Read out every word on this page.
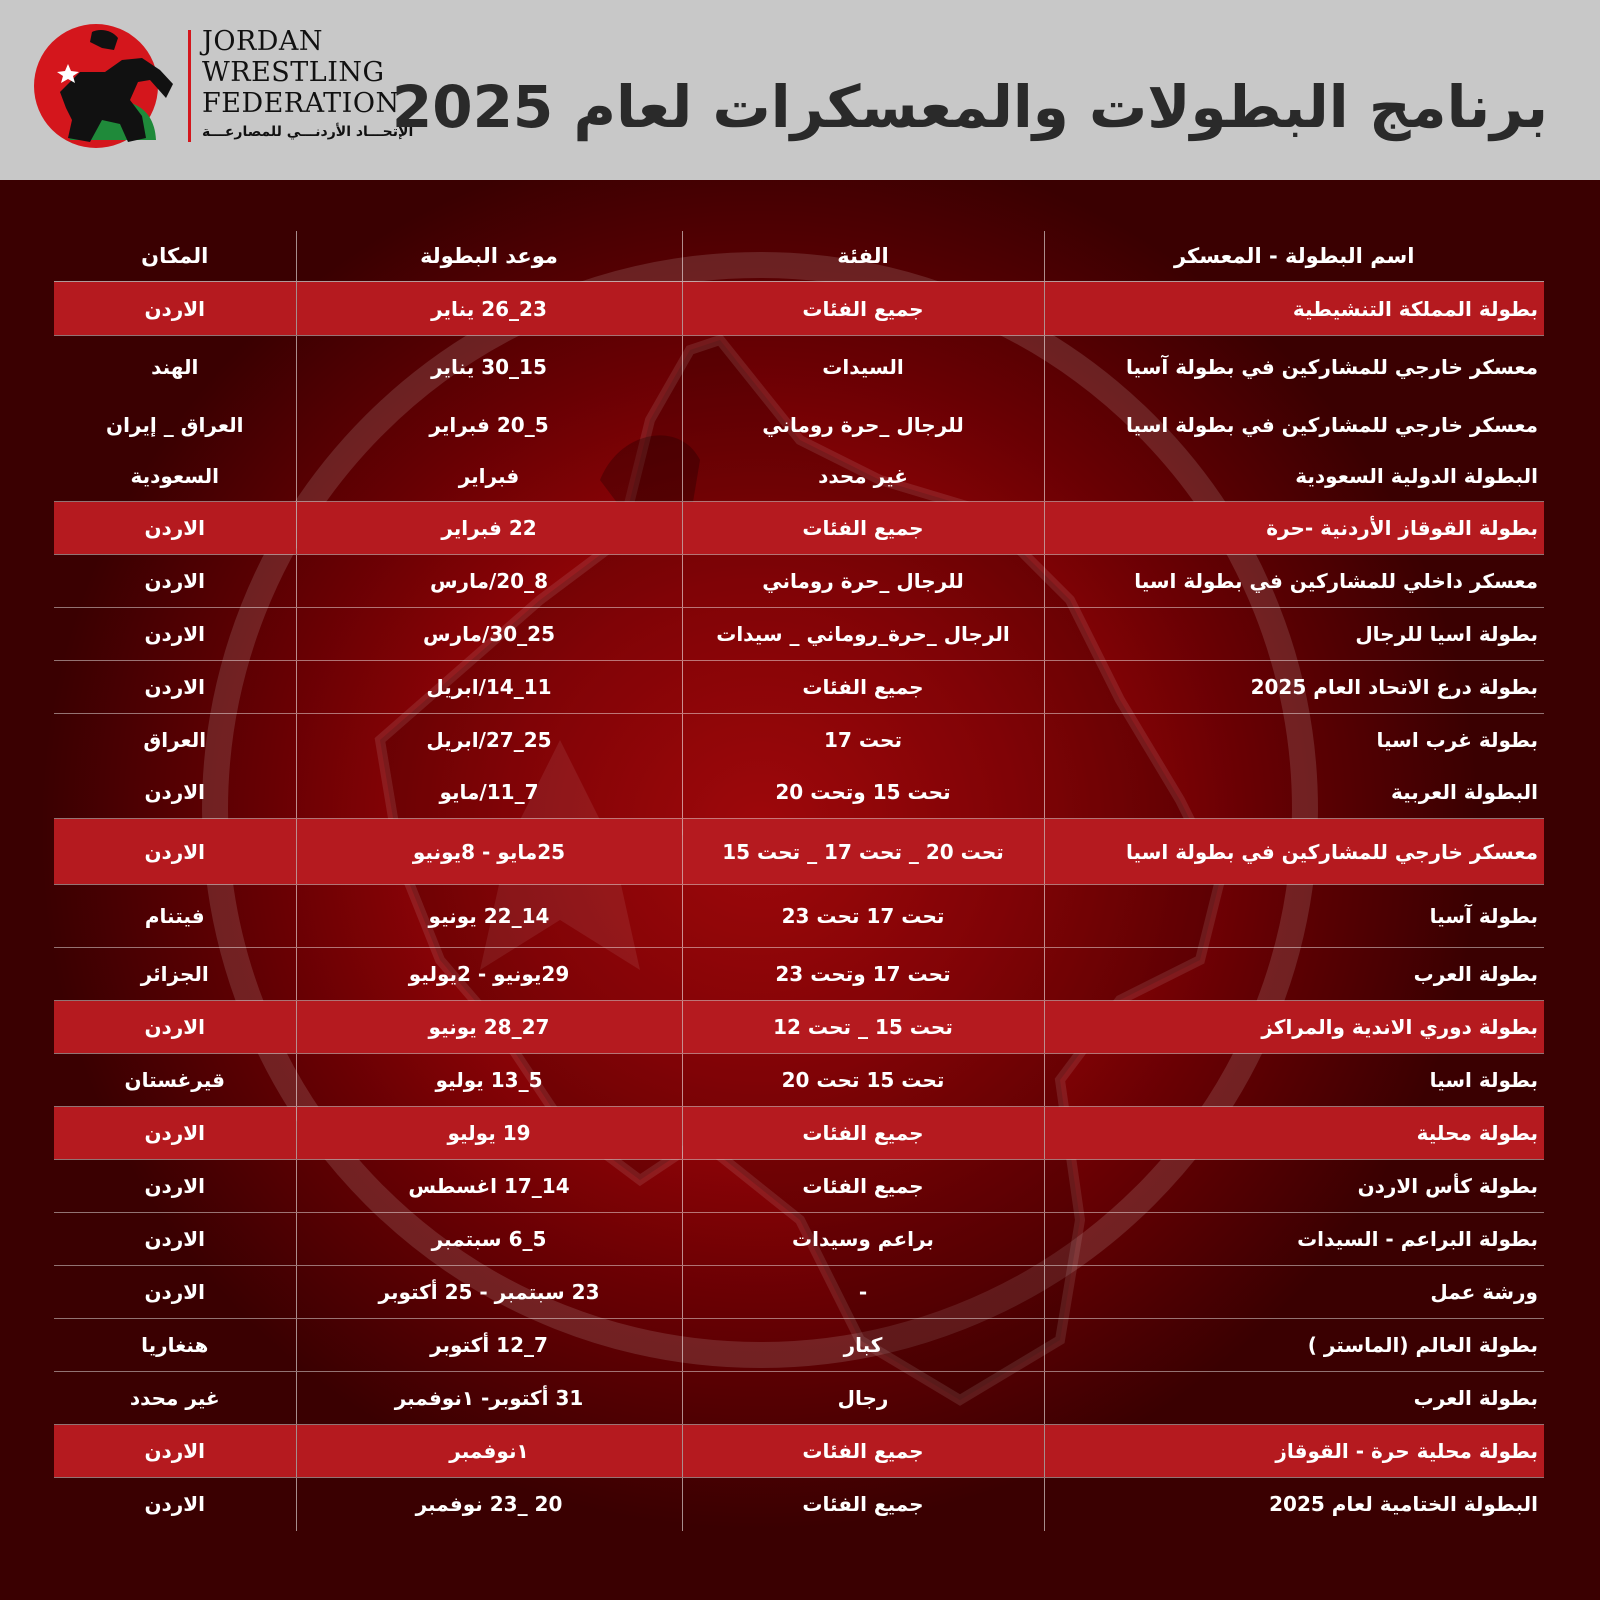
JORDAN
WRESTLING
FEDERATION
الإتحـــاد الأردنـــي للمصارعـــة
برنامج البطولات والمعسكرات لعام 2025
اسم البطولة - المعسكر	الفئة	موعد البطولة	المكان
بطولة المملكة التنشيطية	جميع الفئات	23_26 يناير	الاردن
معسكر خارجي للمشاركين في بطولة آسيا	السيدات	15_30 يناير	الهند
معسكر خارجي للمشاركين في بطولة اسيا	للرجال _حرة روماني	5_20 فبراير	العراق _ إيران
البطولة الدولية السعودية	غير محدد	فبراير	السعودية
بطولة القوقاز الأردنية -حرة	جميع الفئات	22 فبراير	الاردن
معسكر داخلي للمشاركين في بطولة اسيا	للرجال _حرة روماني	8_20/مارس	الاردن
بطولة اسيا للرجال	الرجال _حرة_روماني _ سيدات	25_30/مارس	الاردن
بطولة درع الاتحاد العام 2025	جميع الفئات	11_14/ابريل	الاردن
بطولة غرب اسيا	تحت 17	25_27/ابريل	العراق
البطولة العربية	تحت 15 وتحت 20	7_11/مايو	الاردن
معسكر خارجي للمشاركين في بطولة اسيا	تحت 20 _ تحت 17 _ تحت 15	25مايو - 8يونيو	الاردن
بطولة آسيا	تحت 17 تحت 23	14_22 يونيو	فيتنام
بطولة العرب	تحت 17 وتحت 23	29يونيو - 2يوليو	الجزائر
بطولة دوري الاندية والمراكز	تحت 15 _ تحت 12	27_28 يونيو	الاردن
بطولة اسيا	تحت 15 تحت 20	5_13 يوليو	قيرغستان
بطولة محلية	جميع الفئات	19 يوليو	الاردن
بطولة كأس الاردن	جميع الفئات	14_17 اغسطس	الاردن
بطولة البراعم - السيدات	براعم وسيدات	5_6 سبتمبر	الاردن
ورشة عمل	-	23 سبتمبر - 25 أكتوبر	الاردن
بطولة العالم (الماستر )	كبار	7_12 أكتوبر	هنغاريا
بطولة العرب	رجال	31 أكتوبر- ١نوفمبر	غير محدد
بطولة محلية حرة - القوقاز	جميع الفئات	١نوفمبر	الاردن
البطولة الختامية لعام 2025	جميع الفئات	20 _23 نوفمبر	الاردن
